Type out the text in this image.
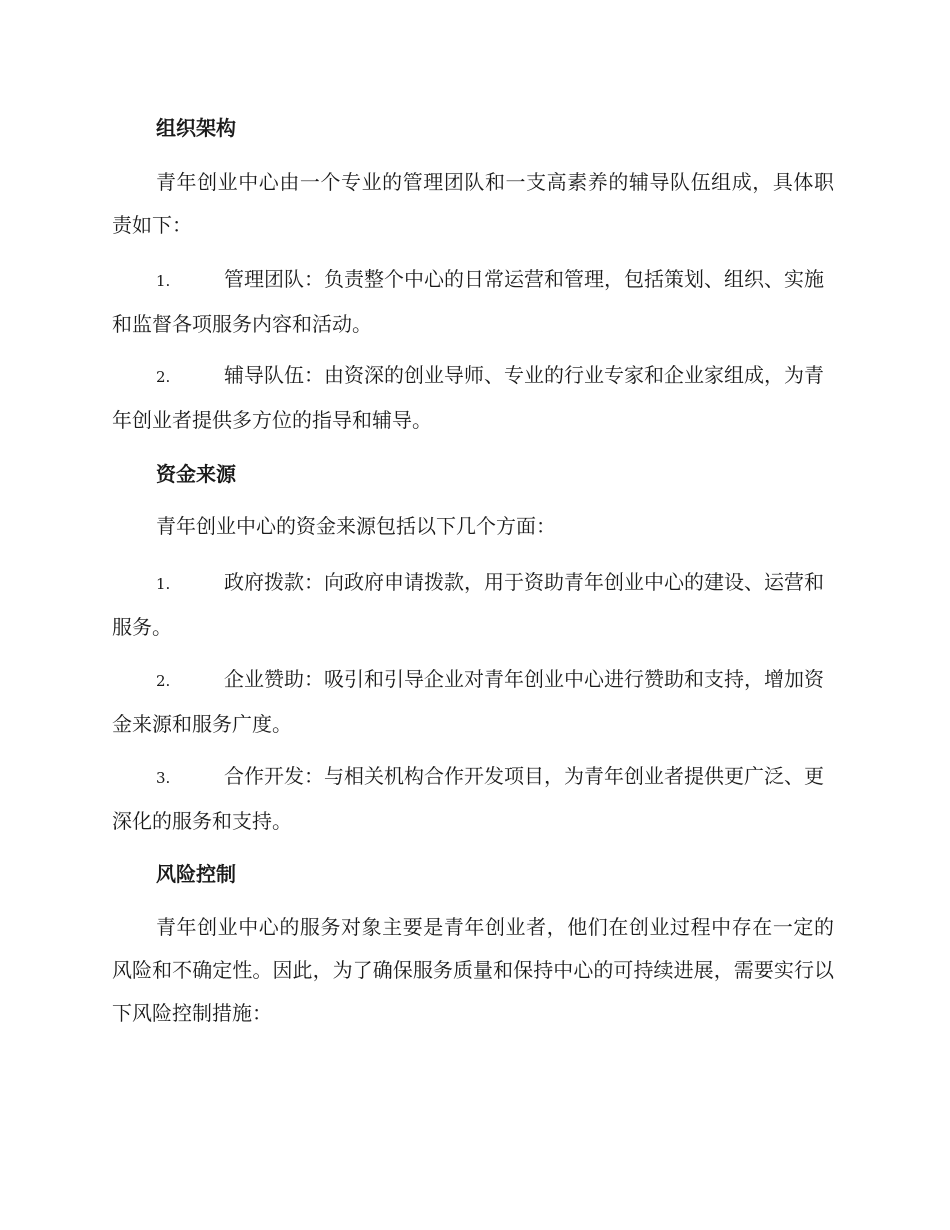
组织架构

青年创业中心由一个专业的管理团队和一支高素养的辅导队伍组成，具体职责如下：

1.	管理团队：负责整个中心的日常运营和管理，包括策划、组织、实施和监督各项服务内容和活动。

2.	辅导队伍：由资深的创业导师、专业的行业专家和企业家组成，为青年创业者提供多方位的指导和辅导。

资金来源

青年创业中心的资金来源包括以下几个方面：

1.	政府拨款：向政府申请拨款，用于资助青年创业中心的建设、运营和服务。

2.	企业赞助：吸引和引导企业对青年创业中心进行赞助和支持，增加资金来源和服务广度。

3.	合作开发：与相关机构合作开发项目，为青年创业者提供更广泛、更深化的服务和支持。

风险控制

青年创业中心的服务对象主要是青年创业者，他们在创业过程中存在一定的风险和不确定性。因此，为了确保服务质量和保持中心的可持续进展，需要实行以下风险控制措施：
